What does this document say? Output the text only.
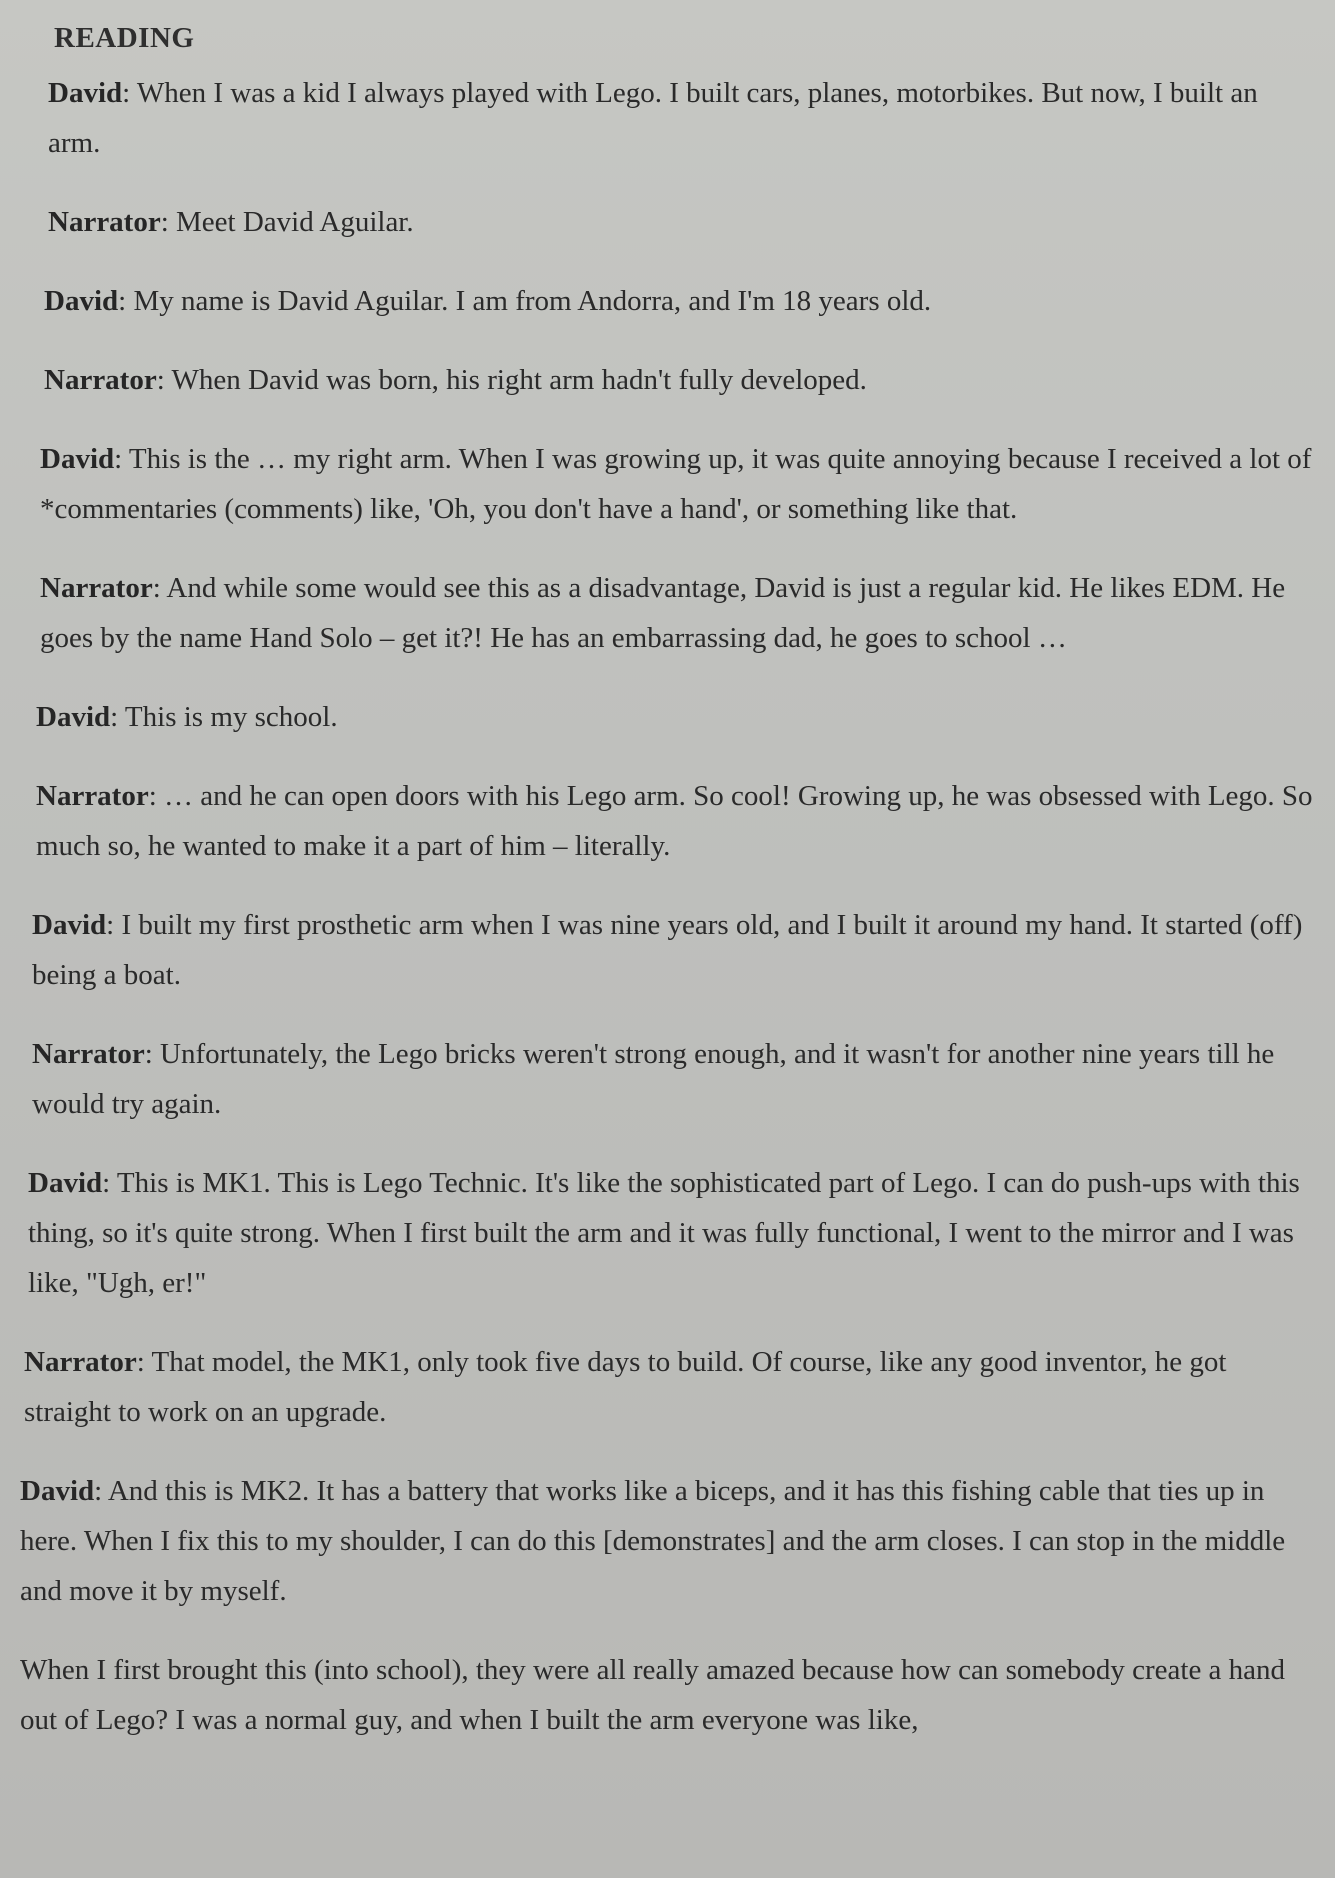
READING

David: When I was a kid I always played with Lego. I built cars, planes, motorbikes. But now, I built an arm.

Narrator: Meet David Aguilar.

David: My name is David Aguilar. I am from Andorra, and I'm 18 years old.

Narrator: When David was born, his right arm hadn't fully developed.

David: This is the … my right arm. When I was growing up, it was quite annoying because I received a lot of *commentaries (comments) like, 'Oh, you don't have a hand', or something like that.

Narrator: And while some would see this as a disadvantage, David is just a regular kid. He likes EDM. He goes by the name Hand Solo – get it?! He has an embarrassing dad, he goes to school …

David: This is my school.

Narrator: … and he can open doors with his Lego arm. So cool! Growing up, he was obsessed with Lego. So much so, he wanted to make it a part of him – literally.

David: I built my first prosthetic arm when I was nine years old, and I built it around my hand. It started (off) being a boat.

Narrator: Unfortunately, the Lego bricks weren't strong enough, and it wasn't for another nine years till he would try again.

David: This is MK1. This is Lego Technic. It's like the sophisticated part of Lego. I can do push-ups with this thing, so it's quite strong. When I first built the arm and it was fully functional, I went to the mirror and I was like, "Ugh, er!"

Narrator: That model, the MK1, only took five days to build. Of course, like any good inventor, he got straight to work on an upgrade.

David: And this is MK2. It has a battery that works like a biceps, and it has this fishing cable that ties up in here. When I fix this to my shoulder, I can do this [demonstrates] and the arm closes. I can stop in the middle and move it by myself.

When I first brought this (into school), they were all really amazed because how can somebody create a hand out of Lego? I was a normal guy, and when I built the arm everyone was like,
